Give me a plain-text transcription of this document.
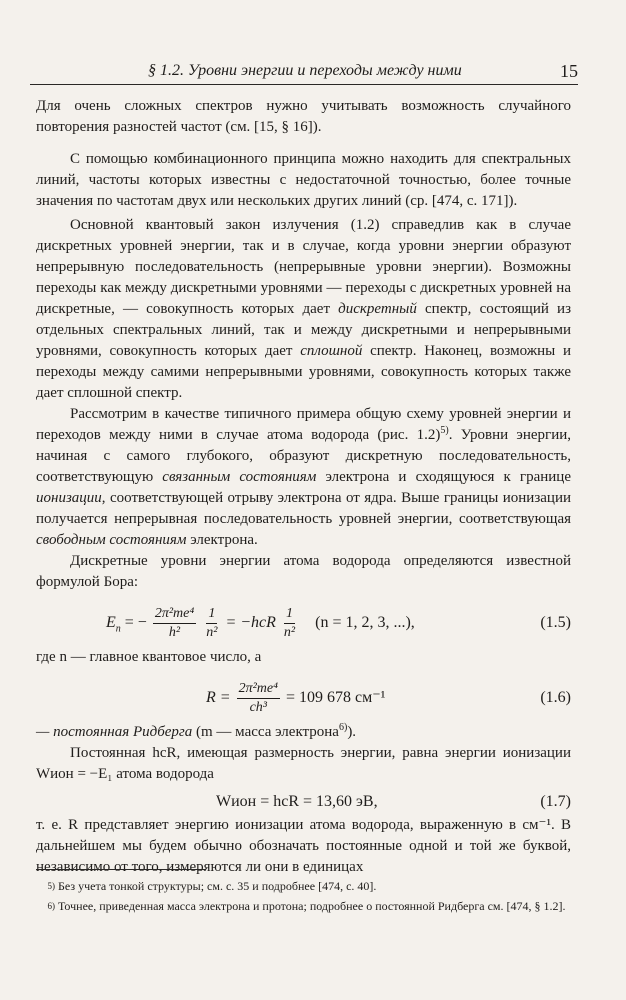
§ 1.2. Уровни энергии и переходы между ними	15

Для очень сложных спектров нужно учитывать возможность случайного повторения разностей частот (см. [15, § 16]).

С помощью комбинационного принципа можно находить для спектральных линий, частоты которых известны с недостаточной точностью, более точные значения по частотам двух или нескольких других линий (ср. [474, с. 171]).

Основной квантовый закон излучения (1.2) справедлив как в случае дискретных уровней энергии, так и в случае, когда уровни энергии образуют непрерывную последовательность (непрерывные уровни энергии). Возможны переходы как между дискретными уровнями — переходы с дискретных уровней на дискретные, — совокупность которых дает дискретный спектр, состоящий из отдельных спектральных линий, так и между дискретными и непрерывными уровнями, совокупность которых дает сплошной спектр. Наконец, возможны и переходы между самими непрерывными уровнями, совокупность которых также дает сплошной спектр.

Рассмотрим в качестве типичного примера общую схему уровней энергии и переходов между ними в случае атома водорода (рис. 1.2)$^{5)}$. Уровни энергии, начиная с самого глубокого, образуют дискретную последовательность, соответствующую связанным состояниям электрона и сходящуюся к границе ионизации, соответствующей отрыву электрона от ядра. Выше границы ионизации получается непрерывная последовательность уровней энергии, соответствующая свободным состояниям электрона.

Дискретные уровни энергии атома водорода определяются известной формулой Бора:

$E_n$ = − $\frac{\text{2π²me⁴}}{\text{h²}}$
$\frac{1}{\text{n²}} = -hcR \frac{1}{\text{n²}} (n = 1$, 2, 3, ...),	(1.5)

где n — главное квантовое число, а

$R = \frac{\text{2π²me⁴}}{\text{ch³}} = 109$ 678 см⁻¹	(1.6)

— постоянная Ридберга (m — масса электрона$^{6)}$).

Постоянная hcR, имеющая размерность энергии, равна энергии ионизации Wион = −E₁ атома водорода

Wион = hcR = 13,60 эВ,	(1.7)

т. е. R представляет энергию ионизации атома водорода, выраженную в см⁻¹. В дальнейшем мы будем обычно обозначать постоянные одной и той же буквой, независимо от того, измеряются ли они в единицах

5) Без учета тонкой структуры; см. с. 35 и подробнее [474, с. 40].

6) Точнее, приведенная масса электрона и протона; подробнее о постоянной Ридберга см. [474, § 1.2].
